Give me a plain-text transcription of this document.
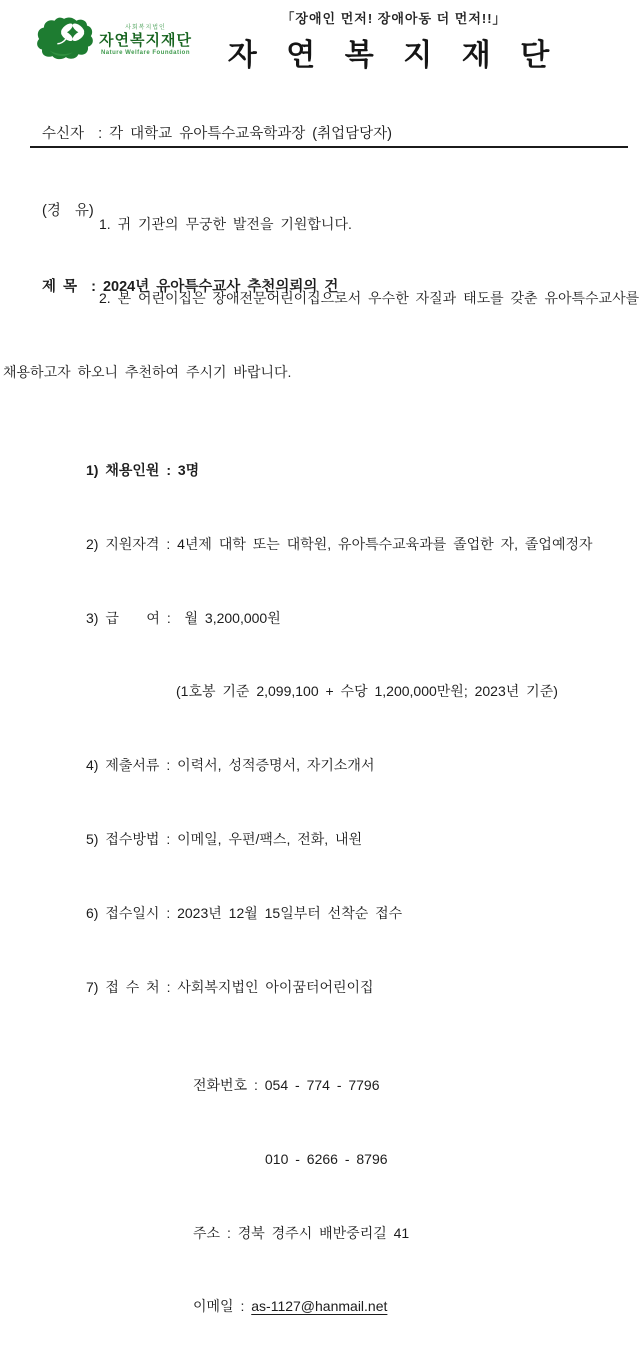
사회복지법인
자연복지재단
Nature Welfare Foundation
「장애인 먼저! 장애아동 더 먼저!!」
자 연 복 지 재 단

수신자  : 각 대학교 유아특수교육학과장 (취업담당자)

(경  유)

제 목  : 2024년 유아특수교사 추천의뢰의 건

1. 귀 기관의 무궁한 발전을 기원합니다.

2. 본 어린이집은 장애전문어린이집으로서 우수한 자질과 태도를 갖춘 유아특수교사를

채용하고자 하오니 추천하여 주시기 바랍니다.

1) 채용인원 : 3명

2) 지원자격 : 4년제 대학 또는 대학원, 유아특수교육과를 졸업한 자, 졸업예정자

3) 급    여 :  월 3,200,000원

(1호봉 기준 2,099,100 + 수당 1,200,000만원; 2023년 기준)

4) 제출서류 : 이력서, 성적증명서, 자기소개서

5) 접수방법 : 이메일, 우편/팩스, 전화, 내원

6) 접수일시 : 2023년 12월 15일부터 선착순 접수

7) 접 수 처 : 사회복지법인 아이꿈터어린이집

전화번호 : 054 - 774 - 7796

010 - 6266 - 8796

주소 : 경북 경주시 배반중리길 41

이메일 : as-1127@hanmail.net
